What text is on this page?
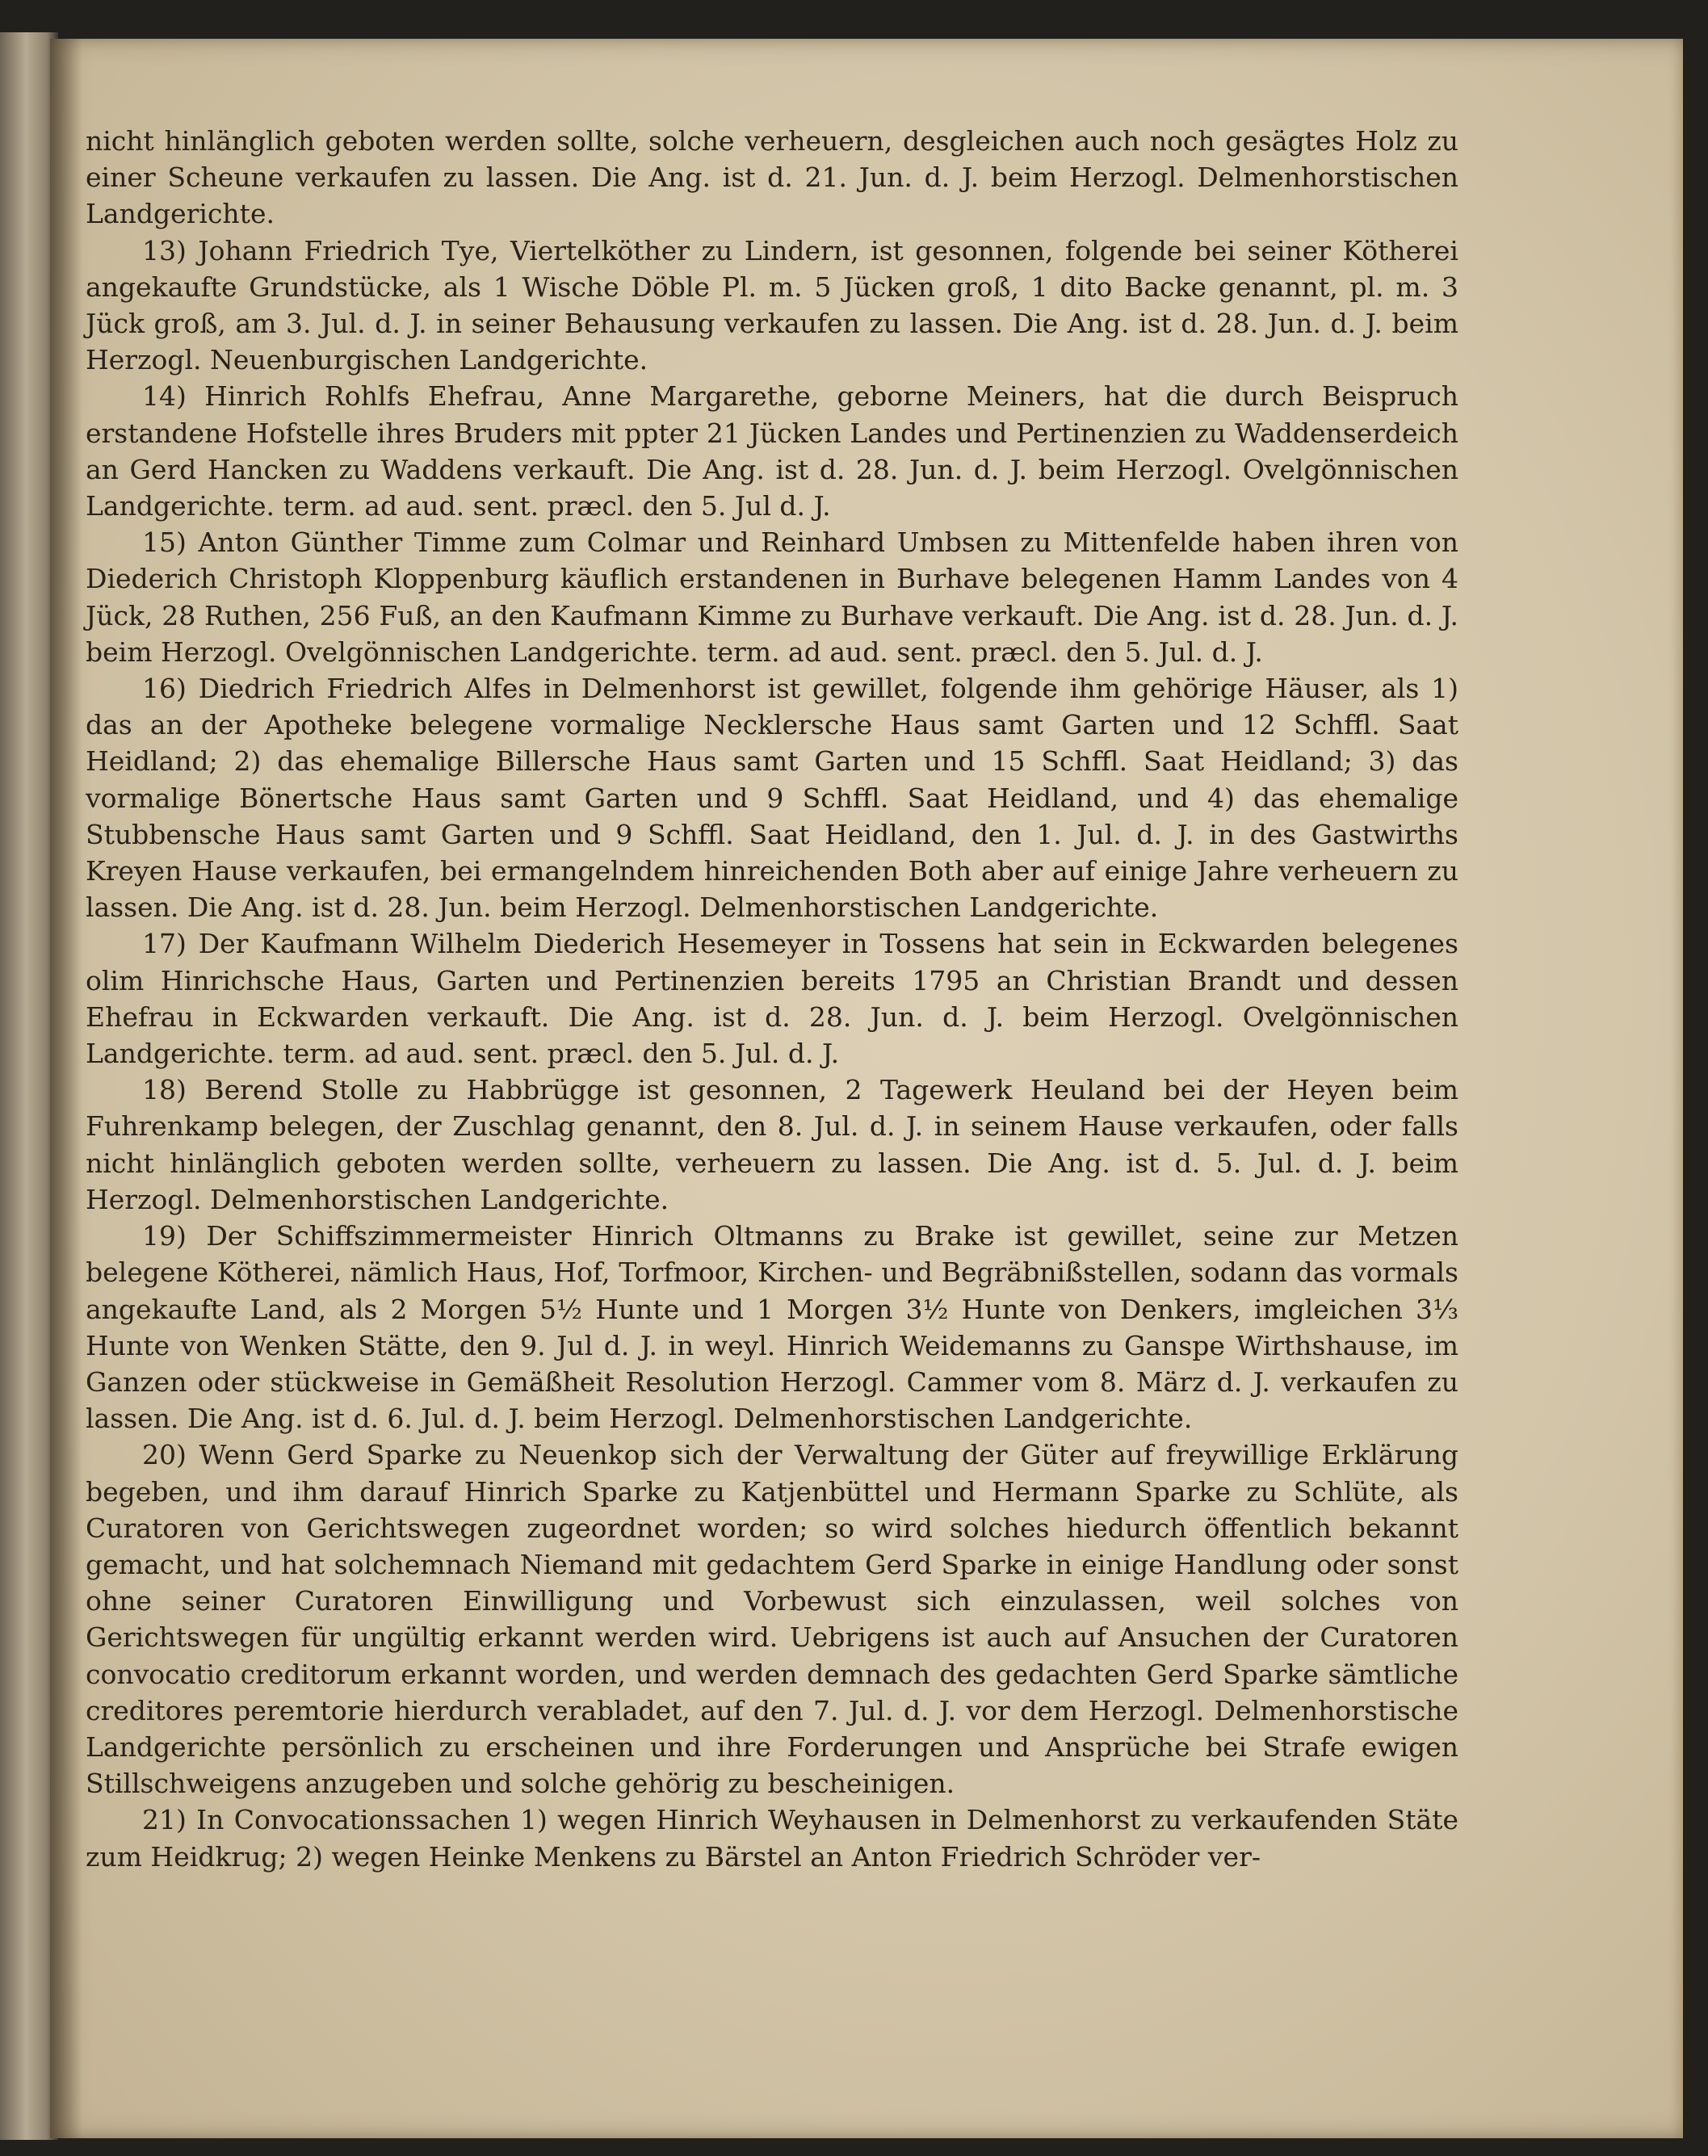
nicht hinlänglich geboten werden sollte, solche verheuern, desgleichen auch noch gesägtes Holz zu einer Scheune verkaufen zu lassen. Die Ang. ist d. 21. Jun. d. J. beim Herzogl. Delmenhorstischen Landgerichte.

13) Johann Friedrich Tye, Viertelköther zu Lindern, ist gesonnen, folgende bei seiner Kötherei angekaufte Grundstücke, als 1 Wische Döble Pl. m. 5 Jücken groß, 1 dito Backe genannt, pl. m. 3 Jück groß, am 3. Jul. d. J. in seiner Behausung verkaufen zu lassen. Die Ang. ist d. 28. Jun. d. J. beim Herzogl. Neuenburgischen Landgerichte.

14) Hinrich Rohlfs Ehefrau, Anne Margarethe, geborne Meiners, hat die durch Beispruch erstandene Hofstelle ihres Bruders mit ppter 21 Jücken Landes und Pertinenzien zu Waddenserdeich an Gerd Hancken zu Waddens verkauft. Die Ang. ist d. 28. Jun. d. J. beim Herzogl. Ovelgönnischen Landgerichte. term. ad aud. sent. præcl. den 5. Jul d. J.

15) Anton Günther Timme zum Colmar und Reinhard Umbsen zu Mittenfelde haben ihren von Diederich Christoph Kloppenburg käuflich erstandenen in Burhave belegenen Hamm Landes von 4 Jück, 28 Ruthen, 256 Fuß, an den Kaufmann Kimme zu Burhave verkauft. Die Ang. ist d. 28. Jun. d. J. beim Herzogl. Ovelgönnischen Landgerichte. term. ad aud. sent. præcl. den 5. Jul. d. J.

16) Diedrich Friedrich Alfes in Delmenhorst ist gewillet, folgende ihm gehörige Häuser, als 1) das an der Apotheke belegene vormalige Necklersche Haus samt Garten und 12 Schffl. Saat Heidland; 2) das ehemalige Billersche Haus samt Garten und 15 Schffl. Saat Heidland; 3) das vormalige Bönertsche Haus samt Garten und 9 Schffl. Saat Heidland, und 4) das ehemalige Stubbensche Haus samt Garten und 9 Schffl. Saat Heidland, den 1. Jul. d. J. in des Gastwirths Kreyen Hause verkaufen, bei ermangelndem hinreichenden Both aber auf einige Jahre verheuern zu lassen. Die Ang. ist d. 28. Jun. beim Herzogl. Delmenhorstischen Landgerichte.

17) Der Kaufmann Wilhelm Diederich Hesemeyer in Tossens hat sein in Eckwarden belegenes olim Hinrichsche Haus, Garten und Pertinenzien bereits 1795 an Christian Brandt und dessen Ehefrau in Eckwarden verkauft. Die Ang. ist d. 28. Jun. d. J. beim Herzogl. Ovelgönnischen Landgerichte. term. ad aud. sent. præcl. den 5. Jul. d. J.

18) Berend Stolle zu Habbrügge ist gesonnen, 2 Tagewerk Heuland bei der Heyen beim Fuhrenkamp belegen, der Zuschlag genannt, den 8. Jul. d. J. in seinem Hause verkaufen, oder falls nicht hinlänglich geboten werden sollte, verheuern zu lassen. Die Ang. ist d. 5. Jul. d. J. beim Herzogl. Delmenhorstischen Landgerichte.

19) Der Schiffszimmermeister Hinrich Oltmanns zu Brake ist gewillet, seine zur Metzen belegene Kötherei, nämlich Haus, Hof, Torfmoor, Kirchen- und Begräbnißstellen, sodann das vormals angekaufte Land, als 2 Morgen 5½ Hunte und 1 Morgen 3½ Hunte von Denkers, imgleichen 3⅓ Hunte von Wenken Stätte, den 9. Jul d. J. in weyl. Hinrich Weidemanns zu Ganspe Wirthshause, im Ganzen oder stückweise in Gemäßheit Resolution Herzogl. Cammer vom 8. März d. J. verkaufen zu lassen. Die Ang. ist d. 6. Jul. d. J. beim Herzogl. Delmenhorstischen Landgerichte.

20) Wenn Gerd Sparke zu Neuenkop sich der Verwaltung der Güter auf freywillige Erklärung begeben, und ihm darauf Hinrich Sparke zu Katjenbüttel und Hermann Sparke zu Schlüte, als Curatoren von Gerichtswegen zugeordnet worden; so wird solches hiedurch öffentlich bekannt gemacht, und hat solchemnach Niemand mit gedachtem Gerd Sparke in einige Handlung oder sonst ohne seiner Curatoren Einwilligung und Vorbewust sich einzulassen, weil solches von Gerichtswegen für ungültig erkannt werden wird. Uebrigens ist auch auf Ansuchen der Curatoren convocatio creditorum erkannt worden, und werden demnach des gedachten Gerd Sparke sämtliche creditores peremtorie hierdurch verabladet, auf den 7. Jul. d. J. vor dem Herzogl. Delmenhorstische Landgerichte persönlich zu erscheinen und ihre Forderungen und Ansprüche bei Strafe ewigen Stillschweigens anzugeben und solche gehörig zu bescheinigen.

21) In Convocationssachen 1) wegen Hinrich Weyhausen in Delmenhorst zu verkaufenden Stäte zum Heidkrug; 2) wegen Heinke Menkens zu Bärstel an Anton Friedrich Schröder ver-
